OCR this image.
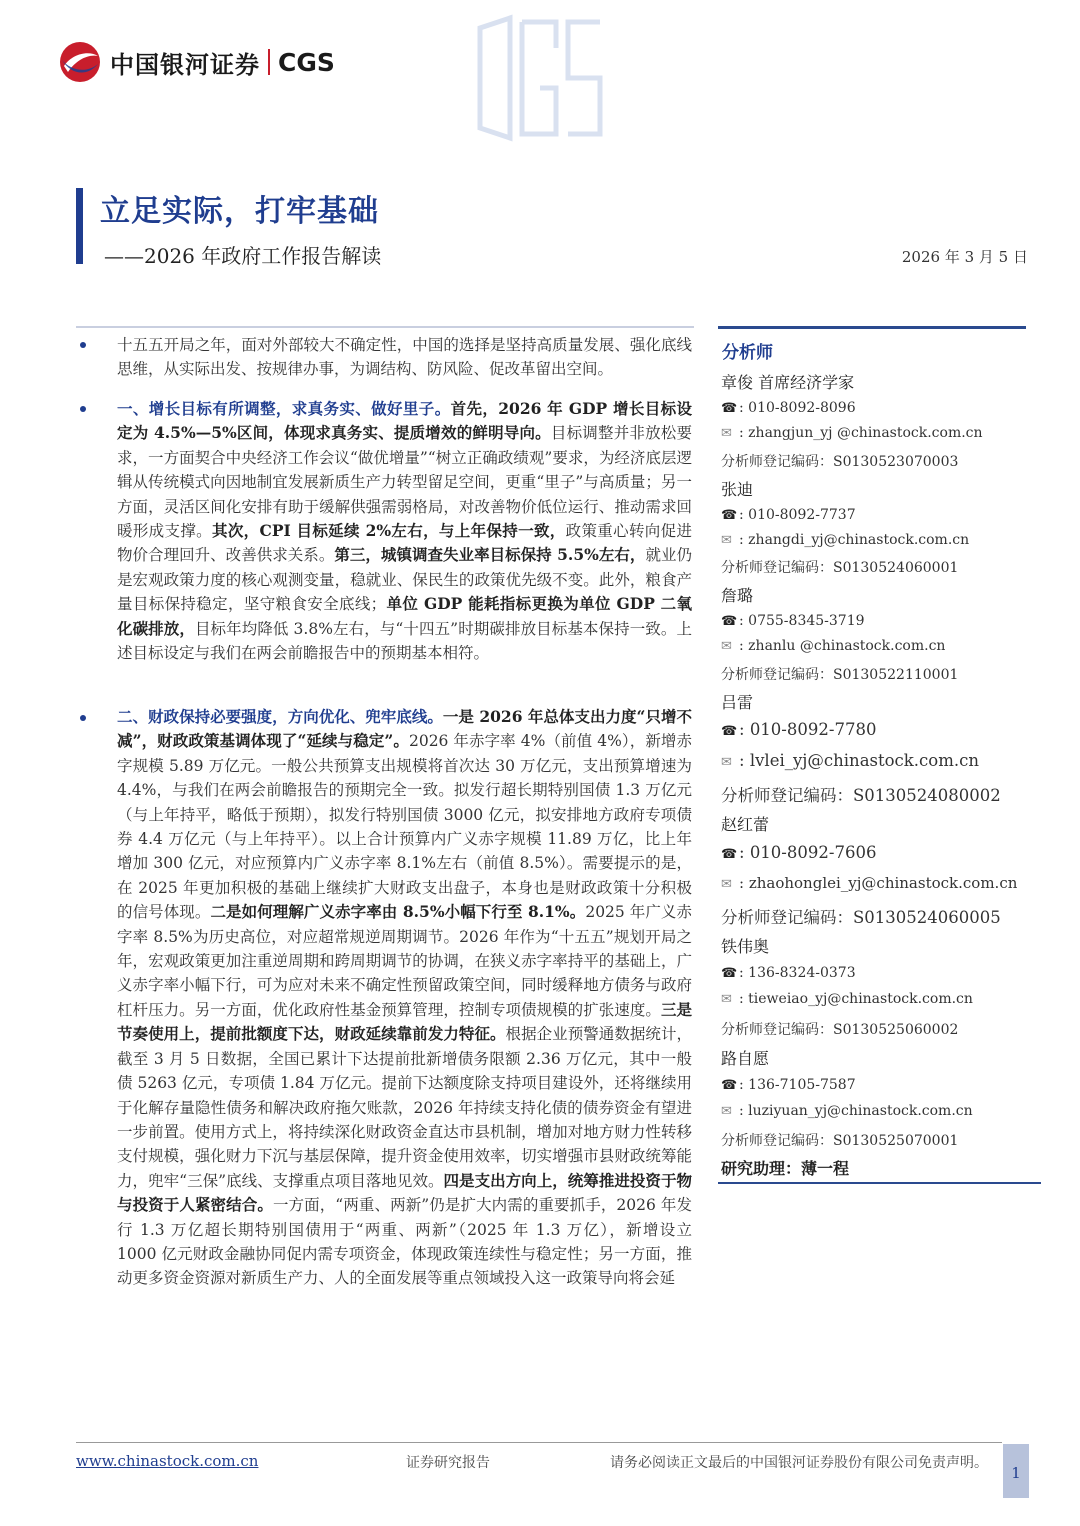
中国银河证券 CGS
立足实际，打牢基础
——2026 年政府工作报告解读	2026 年 3 月 5 日
十五五开局之年，面对外部较大不确定性，中国的选择是坚持高质量发展、强化底线思维，从实际出发、按规律办事，为调结构、防风险、促改革留出空间。
一、增长目标有所调整，求真务实、做好里子。首先，2026 年 GDP 增长目标设定为 4.5%—5%区间，体现求真务实、提质增效的鲜明导向。目标调整并非放松要求，一方面契合中央经济工作会议“做优增量”“树立正确政绩观”要求，为经济底层逻辑从传统模式向因地制宜发展新质生产力转型留足空间，更重“里子”与高质量；另一方面，灵活区间化安排有助于缓解供强需弱格局，对改善物价低位运行、推动需求回暖形成支撑。其次，CPI 目标延续 2%左右，与上年保持一致，政策重心转向促进物价合理回升、改善供求关系。第三，城镇调查失业率目标保持 5.5%左右，就业仍是宏观政策力度的核心观测变量，稳就业、保民生的政策优先级不变。此外，粮食产量目标保持稳定，坚守粮食安全底线；单位 GDP 能耗指标更换为单位 GDP 二氧化碳排放，目标年均降低 3.8%左右，与“十四五”时期碳排放目标基本保持一致。上述目标设定与我们在两会前瞻报告中的预期基本相符。
二、财政保持必要强度，方向优化、兜牢底线。一是 2026 年总体支出力度“只增不减”，财政政策基调体现了“延续与稳定”。2026 年赤字率 4%（前值 4%），新增赤字规模 5.89 万亿元。一般公共预算支出规模将首次达 30 万亿元，支出预算增速为 4.4%，与我们在两会前瞻报告的预期完全一致。拟发行超长期特别国债 1.3 万亿元（与上年持平，略低于预期），拟发行特别国债 3000 亿元，拟安排地方政府专项债券 4.4 万亿元（与上年持平）。以上合计预算内广义赤字规模 11.89 万亿，比上年增加 300 亿元，对应预算内广义赤字率 8.1%左右（前值 8.5%）。需要提示的是，在 2025 年更加积极的基础上继续扩大财政支出盘子，本身也是财政政策十分积极的信号体现。二是如何理解广义赤字率由 8.5%小幅下行至 8.1%。2025 年广义赤字率 8.5%为历史高位，对应超常规逆周期调节。2026 年作为“十五五”规划开局之年，宏观政策更加注重逆周期和跨周期调节的协调，在狭义赤字率持平的基础上，广义赤字率小幅下行，可为应对未来不确定性预留政策空间，同时缓释地方债务与政府杠杆压力。另一方面，优化政府性基金预算管理，控制专项债规模的扩张速度。三是节奏使用上，提前批额度下达，财政延续靠前发力特征。根据企业预警通数据统计，截至 3 月 5 日数据，全国已累计下达提前批新增债务限额 2.36 万亿元，其中一般债 5263 亿元，专项债 1.84 万亿元。提前下达额度除支持项目建设外，还将继续用于化解存量隐性债务和解决政府拖欠账款，2026 年持续支持化债的债券资金有望进一步前置。使用方式上，将持续深化财政资金直达市县机制，增加对地方财力性转移支付规模，强化财力下沉与基层保障，提升资金使用效率，切实增强市县财政统筹能力，兜牢“三保”底线、支撑重点项目落地见效。四是支出方向上，统筹推进投资于物与投资于人紧密结合。一方面，“两重、两新”仍是扩大内需的重要抓手，2026 年发行 1.3 万亿超长期特别国债用于“两重、两新”（2025 年 1.3 万亿），新增设立 1000 亿元财政金融协同促内需专项资金，体现政策连续性与稳定性；另一方面，推动更多资金资源对新质生产力、人的全面发展等重点领域投入这一政策导向将会延
分析师
章俊 首席经济学家
☎ : 010-8092-8096
✉ : zhangjun_yj @chinastock.com.cn
分析师登记编码：S0130523070003
张迪
☎ : 010-8092-7737
✉ : zhangdi_yj@chinastock.com.cn
分析师登记编码：S0130524060001
詹璐
☎ : 0755-8345-3719
✉ : zhanlu @chinastock.com.cn
分析师登记编码：S0130522110001
吕雷
☎ : 010-8092-7780
✉ : lvlei_yj@chinastock.com.cn
分析师登记编码：S0130524080002
赵红蕾
☎ : 010-8092-7606
✉ : zhaohonglei_yj@chinastock.com.cn
分析师登记编码：S0130524060005
铁伟奥
☎ : 136-8324-0373
✉ : tieweiao_yj@chinastock.com.cn
分析师登记编码：S0130525060002
路自愿
☎ : 136-7105-7587
✉ : luziyuan_yj@chinastock.com.cn
分析师登记编码：S0130525070001
研究助理：薄一程
www.chinastock.com.cn	证券研究报告	请务必阅读正文最后的中国银河证券股份有限公司免责声明。
1
